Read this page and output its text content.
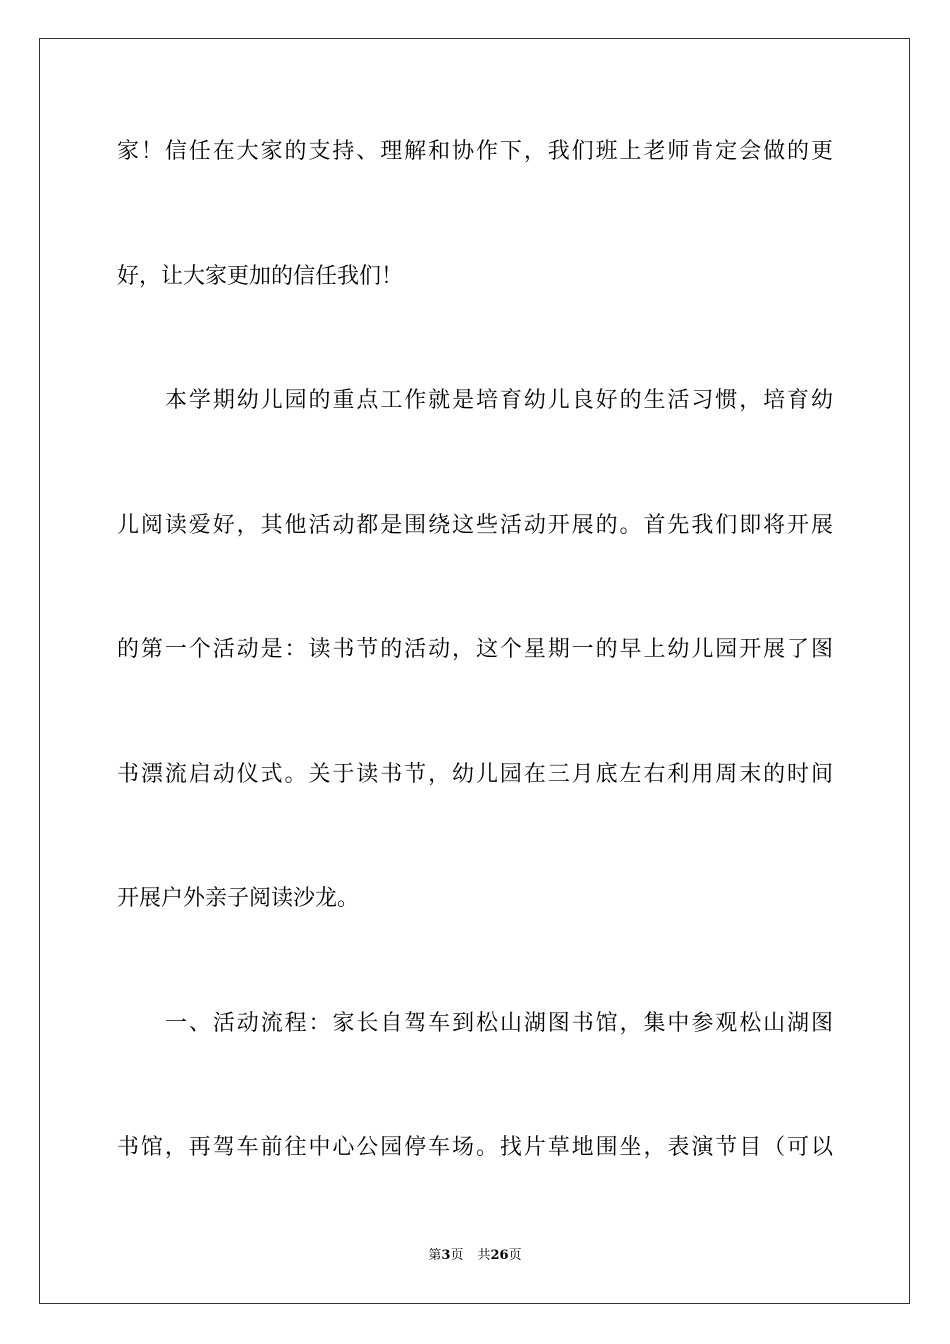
家！信任在大家的支持、理解和协作下，我们班上老师肯定会做的更
好，让大家更加的信任我们！
本学期幼儿园的重点工作就是培育幼儿良好的生活习惯，培育幼
儿阅读爱好，其他活动都是围绕这些活动开展的。首先我们即将开展
的第一个活动是：读书节的活动，这个星期一的早上幼儿园开展了图
书漂流启动仪式。关于读书节，幼儿园在三月底左右利用周末的时间
开展户外亲子阅读沙龙。
一、活动流程：家长自驾车到松山湖图书馆，集中参观松山湖图
书馆，再驾车前往中心公园停车场。找片草地围坐，表演节目（可以
第3页 共26页
